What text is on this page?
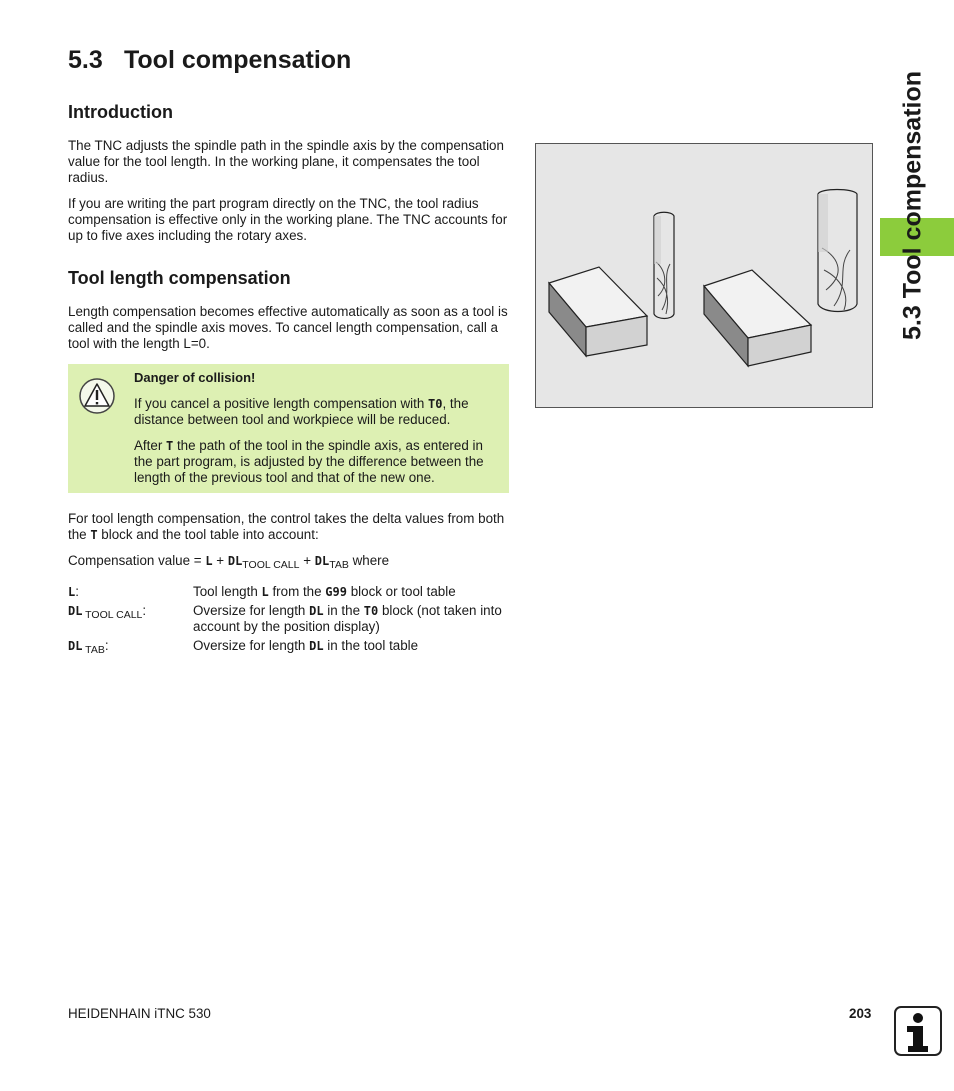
5.3 Tool compensation
5.3 Tool compensation
Introduction

The TNC adjusts the spindle path in the spindle axis by the compensation value for the tool length. In the working plane, it compensates the tool radius.

If you are writing the part program directly on the TNC, the tool radius compensation is effective only in the working plane. The TNC accounts for up to five axes including the rotary axes.

Tool length compensation

Length compensation becomes effective automatically as soon as a tool is called and the spindle axis moves. To cancel length compensation, call a tool with the length L=0.

Danger of collision!

If you cancel a positive length compensation with T0, the distance between tool and workpiece will be reduced.

After T the path of the tool in the spindle axis, as entered in the part program, is adjusted by the difference between the length of the previous tool and that of the new one.

For tool length compensation, the control takes the delta values from both the T block and the tool table into account:

Compensation value = $L + DL_{TOOL CALL} + DL_{TAB}$ where

L:	Tool length L from the G99 block or tool table
DL $_{TOOL CALL}$:	Oversize for length DL in the T0 block (not taken into account by the position display)
DL $_{TAB}$:	Oversize for length DL in the tool table
HEIDENHAIN iTNC 530	203
